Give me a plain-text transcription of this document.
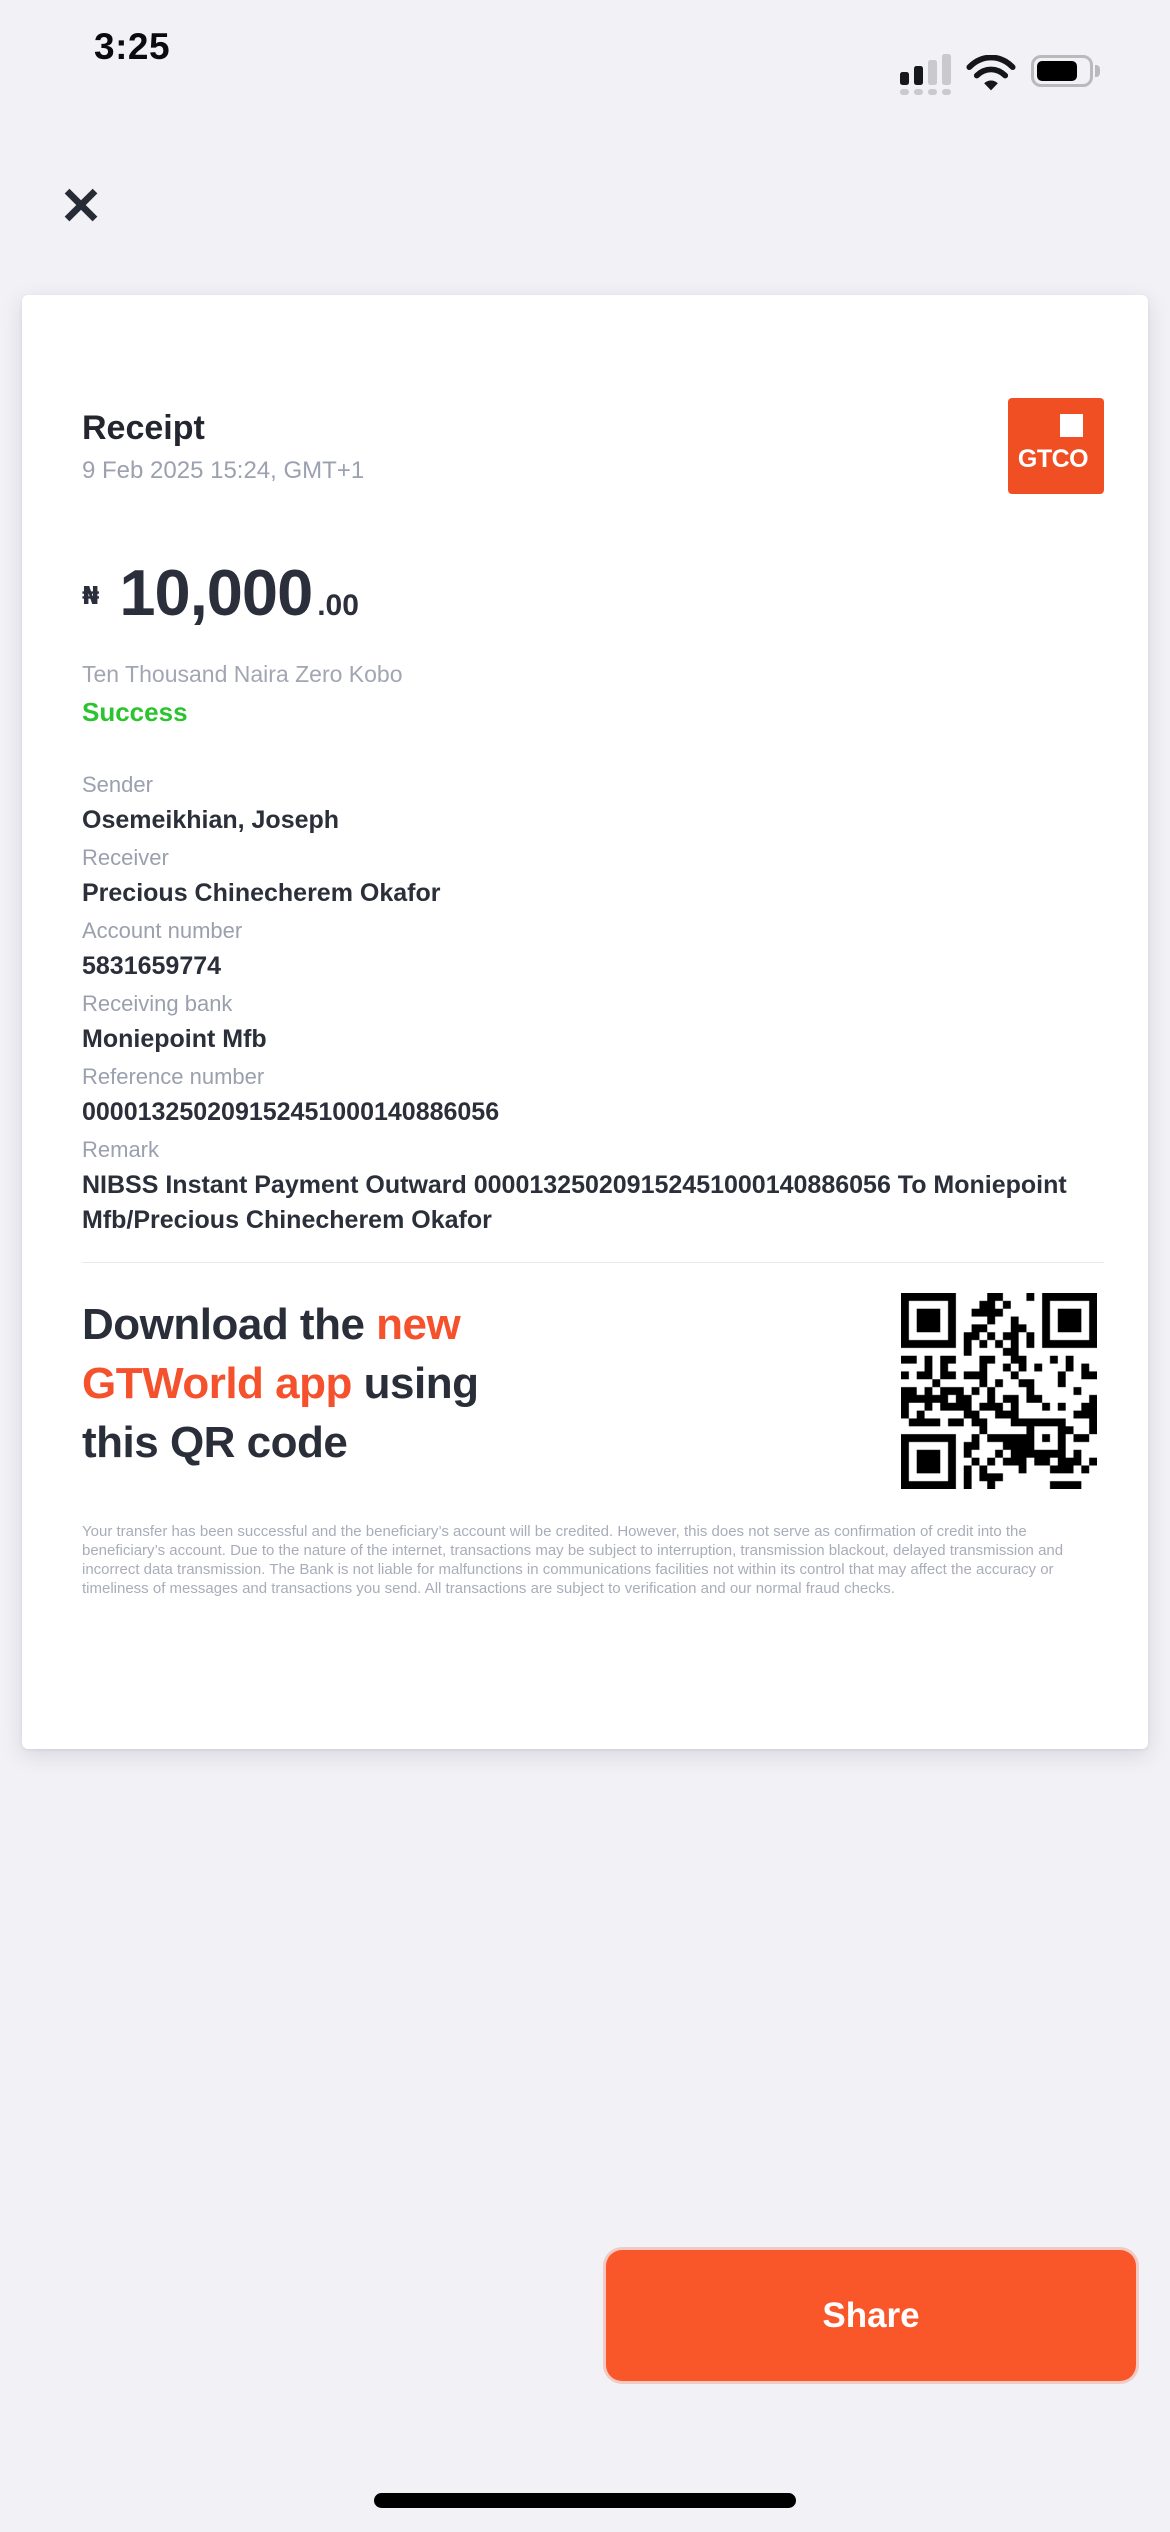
3:25
✕
Receipt
9 Feb 2025 15:24, GMT+1	GTCO
₦ 10,000 .00
Ten Thousand Naira Zero Kobo
Success
Sender
Osemeikhian, Joseph
Receiver
Precious Chinecherem Okafor
Account number
5831659774
Receiving bank
Moniepoint Mfb
Reference number
000013250209152451000140886056
Remark
NIBSS Instant Payment Outward 000013250209152451000140886056 To Moniepoint Mfb/Precious Chinecherem Okafor
Download the new
GTWorld app using
this QR code
Your transfer has been successful and the beneficiary’s account will be credited. However, this does not serve as confirmation of credit into the beneficiary’s account. Due to the nature of the internet, transactions may be subject to interruption, transmission blackout, delayed transmission and incorrect data transmission. The Bank is not liable for malfunctions in communications facilities not within its control that may affect the accuracy or timeliness of messages and transactions you send. All transactions are subject to verification and our normal fraud checks.
Share
